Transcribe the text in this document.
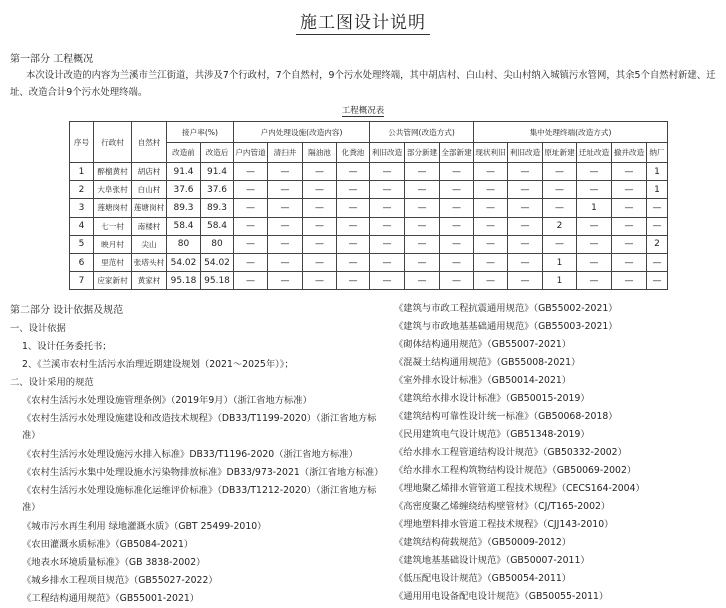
施工图设计说明
第一部分 工程概况
本次设计改造的内容为兰溪市兰江街道，共涉及7个行政村，7个自然村，9个污水处理终端，其中胡店村、白山村、尖山村纳入城镇污水管网，其余5个自然村新建、迁址、改造合计9个污水处理终端。
工程概况表
序号	行政村	自然村	接户率(%)		户内处理设施(改造内容)				公共管网(改造方式)			集中处理终端(改造方式)					
			改造前	改造后	户内管道	清扫井	隔油池	化粪池	利旧改造	部分新建	全部新建	现状利旧	利旧改造	原址新建	迁址改造	撤并改造	纳厂
1	醉榴黄村	胡店村	91.4	91.4	—	—	—	—	—	—	—	—	—	—	—	—	1
2	大阜张村	白山村	37.6	37.6	—	—	—	—	—	—	—	—	—	—	—	—	1
3	莲塘岗村	莲塘岗村	89.3	89.3	—	—	—	—	—	—	—	—	—	—	1	—	—
4	七一村	南楼村	58.4	58.4	—	—	—	—	—	—	—	—	—	2	—	—	—
5	映月村	尖山	80	80	—	—	—	—	—	—	—	—	—	—	—	—	2
6	里范村	张塔头村	54.02	54.02	—	—	—	—	—	—	—	—	—	1	—	—	—
7	应家新村	黄家村	95.18	95.18	—	—	—	—	—	—	—	—	—	1	—	—	—
第二部分 设计依据及规范
一、设计依据
1、设计任务委托书；
2、《兰溪市农村生活污水治理近期建设规划（2021～2025年）》；
二、设计采用的规范
《农村生活污水处理设施管理条例》（2019年9月）（浙江省地方标准）
《农村生活污水处理设施建设和改造技术规程》（DB33/T1199-2020）（浙江省地方标准）
《农村生活污水处理设施污水排入标准》DB33/T1196-2020（浙江省地方标准）
《农村生活污水集中处理设施水污染物排放标准》DB33/973-2021（浙江省地方标准）
《农村生活污水处理设施标准化运维评价标准》（DB33/T1212-2020）（浙江省地方标准）
《城市污水再生利用 绿地灌溉水质》（GBT 25499-2010）
《农田灌溉水质标准》（GB5084-2021）
《地表水环境质量标准》（GB 3838-2002）
《城乡排水工程项目规范》（GB55027-2022）
《工程结构通用规范》（GB55001-2021）
《建筑与市政工程抗震通用规范》（GB55002-2021）
《建筑与市政地基基础通用规范》（GB55003-2021）
《砌体结构通用规范》（GB55007-2021）
《混凝土结构通用规范》（GB55008-2021）
《室外排水设计标准》（GB50014-2021）
《建筑给水排水设计标准》（GB50015-2019）
《建筑结构可靠性设计统一标准》（GB50068-2018）
《民用建筑电气设计规范》（GB51348-2019）
《给水排水工程管道结构设计规范》（GB50332-2002）
《给水排水工程构筑物结构设计规范》（GB50069-2002）
《埋地聚乙烯排水管管道工程技术规程》（CECS164-2004）
《高密度聚乙烯缠绕结构壁管材》（CJ/T165-2002）
《埋地塑料排水管道工程技术规程》（CJJ143-2010）
《建筑结构荷载规范》（GB50009-2012）
《建筑地基基础设计规范》（GB50007-2011）
《低压配电设计规范》（GB50054-2011）
《通用用电设备配电设计规范》（GB50055-2011）
